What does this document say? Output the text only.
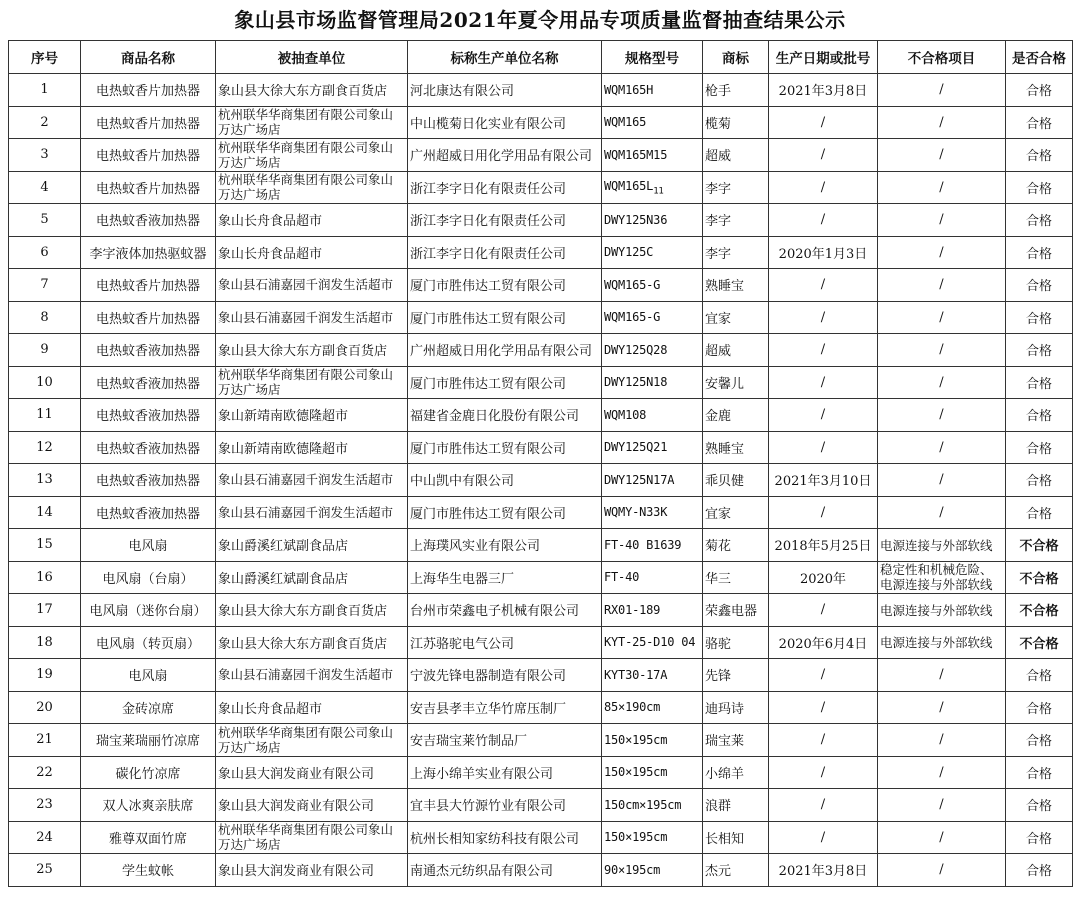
象山县市场监督管理局2021年夏令用品专项质量监督抽查结果公示
序号	商品名称	被抽查单位	标称生产单位名称	规格型号	商标	生产日期或批号	不合格项目	是否合格
1	电热蚊香片加热器	象山县大徐大东方副食百货店	河北康达有限公司	WQM165H	枪手	2021年3月8日	/	合格
2	电热蚊香片加热器	杭州联华华商集团有限公司象山万达广场店	中山榄菊日化实业有限公司	WQM165	榄菊	/	/	合格
3	电热蚊香片加热器	杭州联华华商集团有限公司象山万达广场店	广州超威日用化学用品有限公司	WQM165M15	超威	/	/	合格
4	电热蚊香片加热器	杭州联华华商集团有限公司象山万达广场店	浙江李字日化有限责任公司	$WQM165L_{11}$	李字	/	/	合格
5	电热蚊香液加热器	象山长舟食品超市	浙江李字日化有限责任公司	DWY125N36	李字	/	/	合格
6	李字液体加热驱蚊器	象山长舟食品超市	浙江李字日化有限责任公司	DWY125C	李字	2020年1月3日	/	合格
7	电热蚊香片加热器	象山县石浦嘉园千润发生活超市	厦门市胜伟达工贸有限公司	WQM165-G	熟睡宝	/	/	合格
8	电热蚊香片加热器	象山县石浦嘉园千润发生活超市	厦门市胜伟达工贸有限公司	WQM165-G	宜家	/	/	合格
9	电热蚊香液加热器	象山县大徐大东方副食百货店	广州超威日用化学用品有限公司	DWY125Q28	超威	/	/	合格
10	电热蚊香液加热器	杭州联华华商集团有限公司象山万达广场店	厦门市胜伟达工贸有限公司	DWY125N18	安馨儿	/	/	合格
11	电热蚊香液加热器	象山新靖南欧德隆超市	福建省金鹿日化股份有限公司	WQM108	金鹿	/	/	合格
12	电热蚊香液加热器	象山新靖南欧德隆超市	厦门市胜伟达工贸有限公司	DWY125Q21	熟睡宝	/	/	合格
13	电热蚊香液加热器	象山县石浦嘉园千润发生活超市	中山凯中有限公司	DWY125N17A	乖贝健	2021年3月10日	/	合格
14	电热蚊香液加热器	象山县石浦嘉园千润发生活超市	厦门市胜伟达工贸有限公司	WQMY-N33K	宜家	/	/	合格
15	电风扇	象山爵溪红斌副食品店	上海璞风实业有限公司	FT-40 B1639	菊花	2018年5月25日	电源连接与外部软线	不合格
16	电风扇（台扇）	象山爵溪红斌副食品店	上海华生电器三厂	FT-40	华三	2020年	稳定性和机械危险、电源连接与外部软线	不合格
17	电风扇（迷你台扇）	象山县大徐大东方副食百货店	台州市荣鑫电子机械有限公司	RX01-189	荣鑫电器	/	电源连接与外部软线	不合格
18	电风扇（转页扇）	象山县大徐大东方副食百货店	江苏骆驼电气公司	KYT-25-D10 04	骆驼	2020年6月4日	电源连接与外部软线	不合格
19	电风扇	象山县石浦嘉园千润发生活超市	宁波先锋电器制造有限公司	KYT30-17A	先锋	/	/	合格
20	金砖凉席	象山长舟食品超市	安吉县孝丰立华竹席压制厂	85×190cm	迪玛诗	/	/	合格
21	瑞宝莱瑞丽竹凉席	杭州联华华商集团有限公司象山万达广场店	安吉瑞宝莱竹制品厂	150×195cm	瑞宝莱	/	/	合格
22	碳化竹凉席	象山县大润发商业有限公司	上海小绵羊实业有限公司	150×195cm	小绵羊	/	/	合格
23	双人冰爽亲肤席	象山县大润发商业有限公司	宜丰县大竹源竹业有限公司	150cm×195cm	浪群	/	/	合格
24	雅尊双面竹席	杭州联华华商集团有限公司象山万达广场店	杭州长相知家纺科技有限公司	150×195cm	长相知	/	/	合格
25	学生蚊帐	象山县大润发商业有限公司	南通杰元纺织品有限公司	90×195cm	杰元	2021年3月8日	/	合格
